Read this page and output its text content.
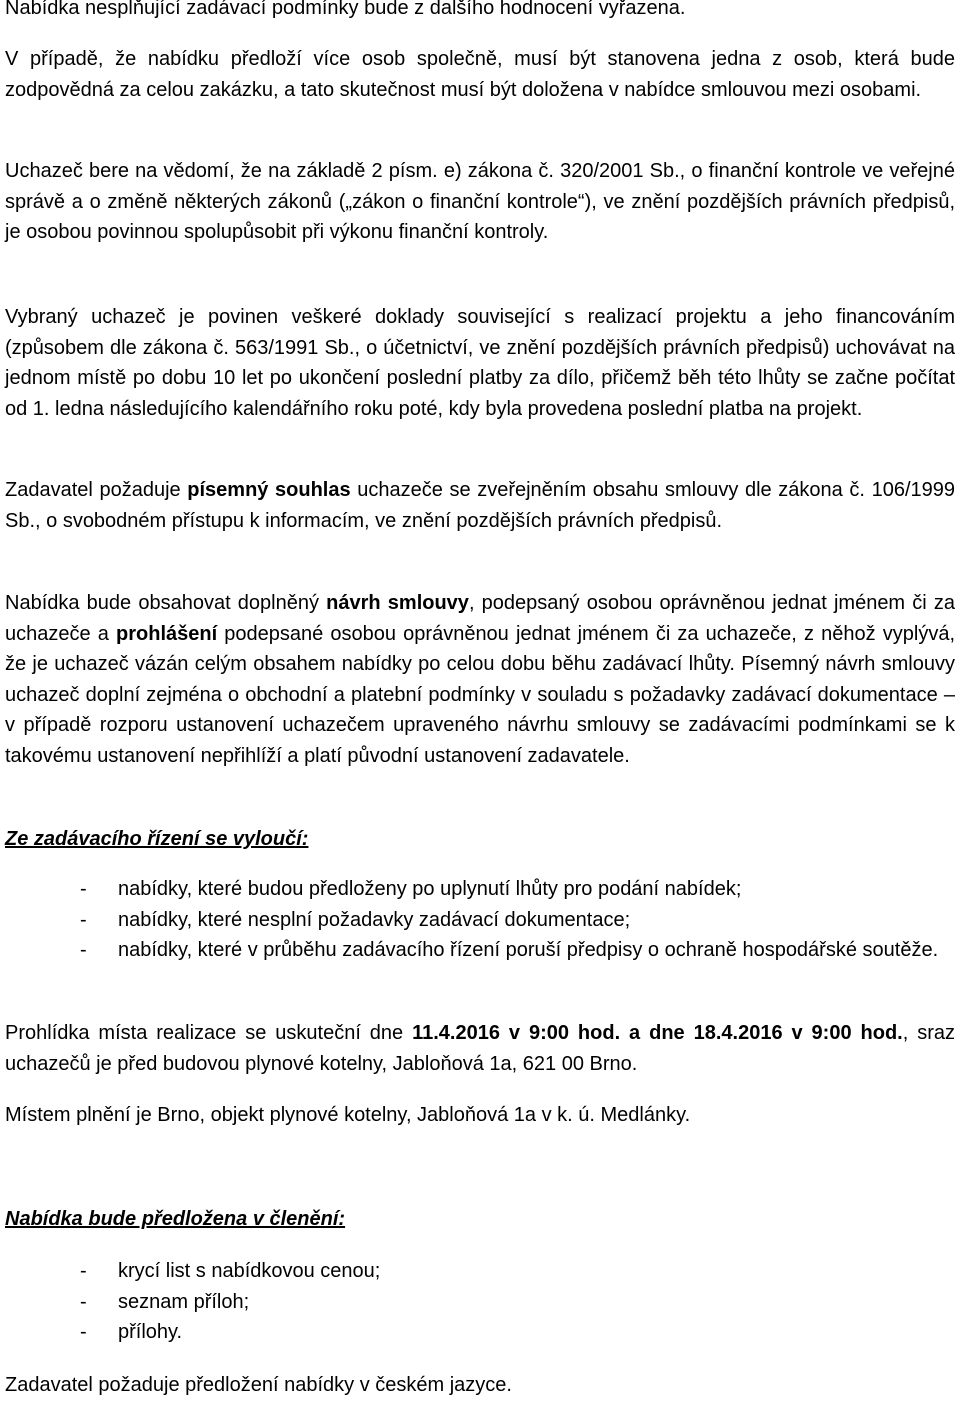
Nabídka nesplňující zadávací podmínky bude z dalšího hodnocení vyřazena.

V případě, že nabídku předloží více osob společně, musí být stanovena jedna z osob, která bude zodpovědná za celou zakázku, a tato skutečnost musí být doložena v nabídce smlouvou mezi osobami.

Uchazeč bere na vědomí, že na základě 2 písm. e) zákona č. 320/2001 Sb., o finanční kontrole ve veřejné správě a o změně některých zákonů („zákon o finanční kontrole“), ve znění pozdějších právních předpisů, je osobou povinnou spolupůsobit při výkonu finanční kontroly.

Vybraný uchazeč je povinen veškeré doklady související s realizací projektu a jeho financováním (způsobem dle zákona č. 563/1991 Sb., o účetnictví, ve znění pozdějších právních předpisů) uchovávat na jednom místě po dobu 10 let po ukončení poslední platby za dílo, přičemž běh této lhůty se začne počítat od 1. ledna následujícího kalendářního roku poté, kdy byla provedena poslední platba na projekt.

Zadavatel požaduje písemný souhlas uchazeče se zveřejněním obsahu smlouvy dle zákona č. 106/1999 Sb., o svobodném přístupu k informacím, ve znění pozdějších právních předpisů.

Nabídka bude obsahovat doplněný návrh smlouvy, podepsaný osobou oprávněnou jednat jménem či za uchazeče a prohlášení podepsané osobou oprávněnou jednat jménem či za uchazeče, z něhož vyplývá, že je uchazeč vázán celým obsahem nabídky po celou dobu běhu zadávací lhůty. Písemný návrh smlouvy uchazeč doplní zejména o obchodní a platební podmínky v souladu s požadavky zadávací dokumentace – v případě rozporu ustanovení uchazečem upraveného návrhu smlouvy se zadávacími podmínkami se k takovému ustanovení nepřihlíží a platí původní ustanovení zadavatele.

Ze zadávacího řízení se vyloučí:

- nabídky, které budou předloženy po uplynutí lhůty pro podání nabídek;
- nabídky, které nesplní požadavky zadávací dokumentace;
- nabídky, které v průběhu zadávacího řízení poruší předpisy o ochraně hospodářské soutěže.

Prohlídka místa realizace se uskuteční dne 11.4.2016 v 9:00 hod. a dne 18.4.2016 v 9:00 hod., sraz uchazečů je před budovou plynové kotelny, Jabloňová 1a, 621 00 Brno.

Místem plnění je Brno, objekt plynové kotelny, Jabloňová 1a v k. ú. Medlánky.

Nabídka bude předložena v členění:

- krycí list s nabídkovou cenou;
- seznam příloh;
- přílohy.

Zadavatel požaduje předložení nabídky v českém jazyce.
